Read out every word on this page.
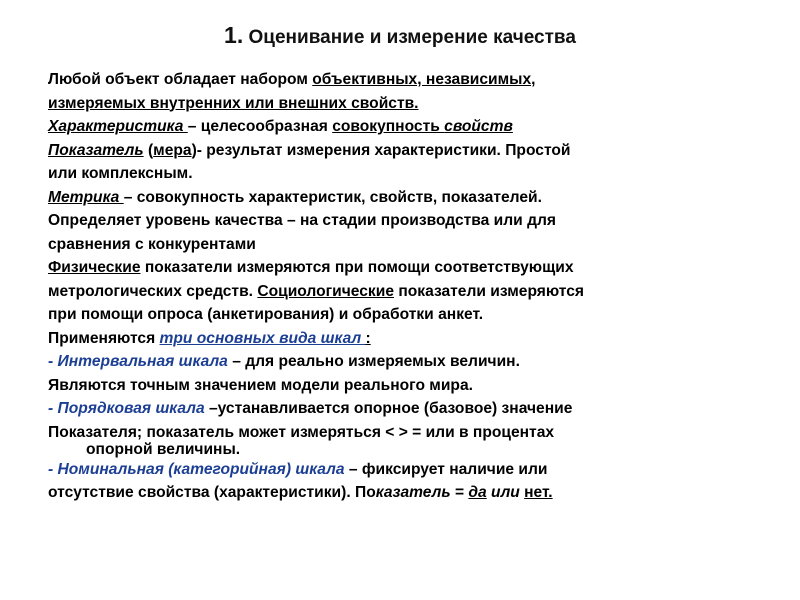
1. Оценивание и измерение качества
Любой объект обладает набором объективных, независимых,
измеряемых внутренних или внешних свойств.
Характеристика – целесообразная совокупность свойств
Показатель (мера)- результат измерения характеристики. Простой
или комплексным.
Метрика – совокупность характеристик, свойств, показателей.
Определяет уровень качества – на стадии производства или для
сравнения с конкурентами
Физические показатели измеряются при помощи соответствующих
метрологических средств. Социологические показатели измеряются
при помощи опроса (анкетирования) и обработки анкет.
Применяются три основных вида шкал :
- Интервальная шкала – для реально измеряемых величин.
Являются точным значением модели реального мира.
- Порядковая шкала –устанавливается опорное (базовое) значение
Показателя; показатель может измеряться < > = или в процентах
опорной величины.
- Номинальная (категорийная) шкала – фиксирует наличие или
отсутствие свойства (характеристики). Показатель = да или нет.
